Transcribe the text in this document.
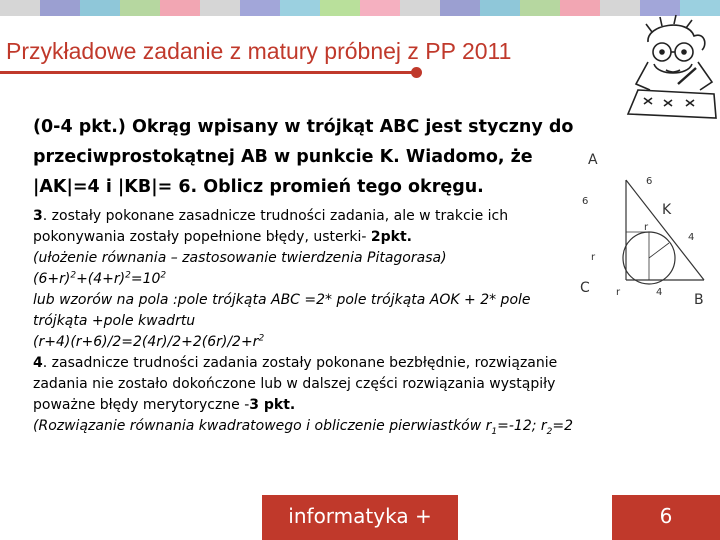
Przykładowe zadanie z matury próbnej z PP 2011
(0-4 pkt.) Okrąg wpisany w trójkąt ABC jest styczny do
przeciwprostokątnej AB w punkcie K. Wiadomo, że
|AK|=4 i |KB|= 6. Oblicz promień tego okręgu.
3. zostały pokonane zasadnicze trudności zadania, ale w trakcie ich
pokonywania zostały popełnione błędy, usterki- 2pkt.
(ułożenie równania – zastosowanie twierdzenia Pitagorasa)
$(6+r)^2+(4+r)^2=10^2$
lub wzorów na pola :pole trójkąta ABC =2* pole trójkąta AOK + 2* pole
trójkąta +pole kwadrtu
$(r+4)(r+6)/2=2(4r)/2+2(6r)/2+r^2$
4. zasadnicze trudności zadania zostały pokonane bezbłędnie, rozwiązanie
zadania nie zostało dokończone lub w dalszej części rozwiązania wystąpiły
poważne błędy merytoryczne -3 pkt.
(Rozwiązanie równania kwadratowego i obliczenie pierwiastków $r_1=-12$; $r_2=2$
A
C
B
K
6
6
4
4
r
r
r
informatyka +	6
